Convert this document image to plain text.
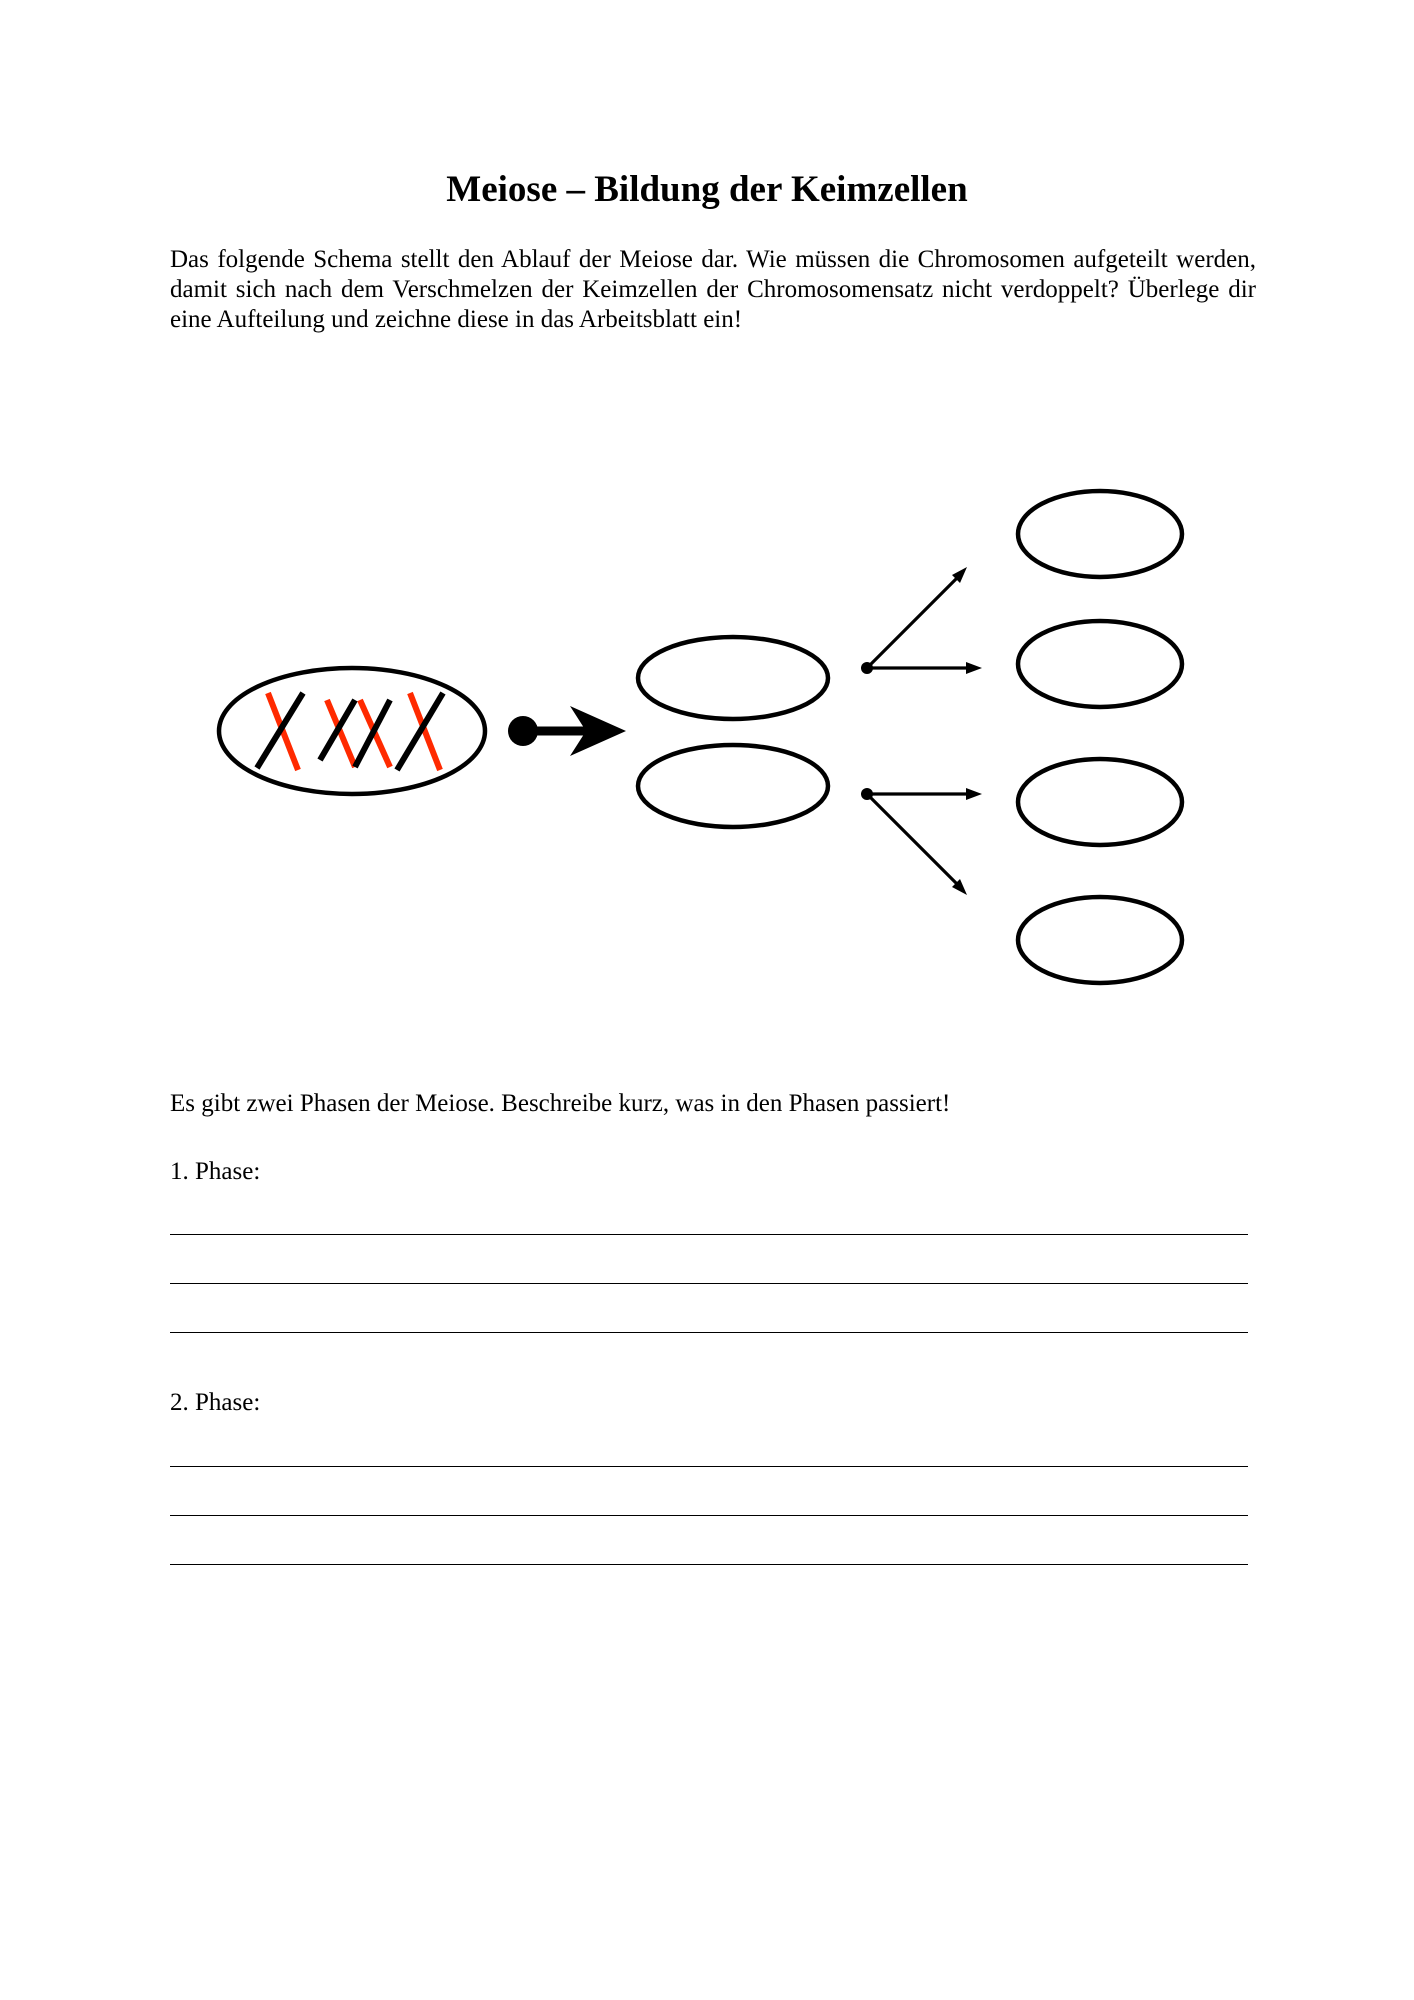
Meiose – Bildung der Keimzellen

Das folgende Schema stellt den Ablauf der Meiose dar. Wie müssen die Chromosomen aufgeteilt werden, damit sich nach dem Verschmelzen der Keimzellen der Chromosomensatz nicht verdoppelt? Überlege dir eine Aufteilung und zeichne diese in das Arbeitsblatt ein!

Es gibt zwei Phasen der Meiose. Beschreibe kurz, was in den Phasen passiert!

1. Phase:

2. Phase:
